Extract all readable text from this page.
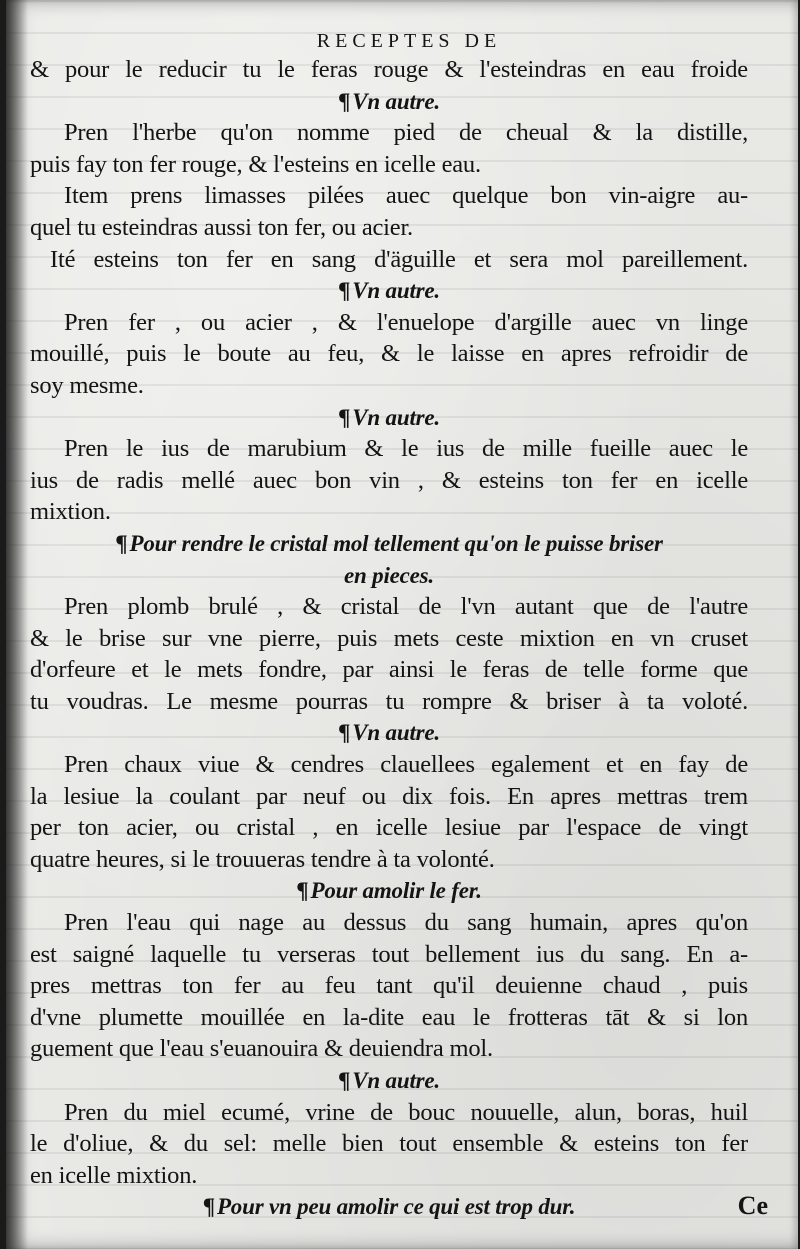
RECEPTES DE
& pour le reducir tu le feras rouge & l'esteindras en eau froide
¶Vn autre.
Pren l'herbe qu'on nomme pied de cheual & la distille,
puis fay ton fer rouge, & l'esteins en icelle eau.
Item prens limasses pilées auec quelque bon vin-aigre au-
quel tu esteindras aussi ton fer, ou acier.
Ité esteins ton fer en sang d'äguille et sera mol pareillement.
¶Vn autre.
Pren fer , ou acier , & l'enuelope d'argille auec vn linge
mouillé, puis le boute au feu, & le laisse en apres refroidir de
soy mesme.
¶Vn autre.
Pren le ius de marubium & le ius de mille fueille auec le
ius de radis mellé auec bon vin , & esteins ton fer en icelle
mixtion.
¶Pour rendre le cristal mol tellement qu'on le puisse briser
en pieces.
Pren plomb brulé , & cristal de l'vn autant que de l'autre
& le brise sur vne pierre, puis mets ceste mixtion en vn cruset
d'orfeure et le mets fondre, par ainsi le feras de telle forme que
tu voudras. Le mesme pourras tu rompre & briser à ta voloté.
¶Vn autre.
Pren chaux viue & cendres clauellees egalement et en fay de
la lesiue la coulant par neuf ou dix fois. En apres mettras trem
per ton acier, ou cristal , en icelle lesiue par l'espace de vingt
quatre heures, si le trouueras tendre à ta volonté.
¶Pour amolir le fer.
Pren l'eau qui nage au dessus du sang humain, apres qu'on
est saigné laquelle tu verseras tout bellement ius du sang. En a-
pres mettras ton fer au feu tant qu'il deuienne chaud , puis
d'vne plumette mouillée en la-dite eau le frotteras tāt & si lon
guement que l'eau s'euanouira & deuiendra mol.
¶Vn autre.
Pren du miel ecumé, vrine de bouc nouuelle, alun, boras, huil
le d'oliue, & du sel: melle bien tout ensemble & esteins ton fer
en icelle mixtion.
¶Pour vn peu amolir ce qui est trop dur.	Ce
